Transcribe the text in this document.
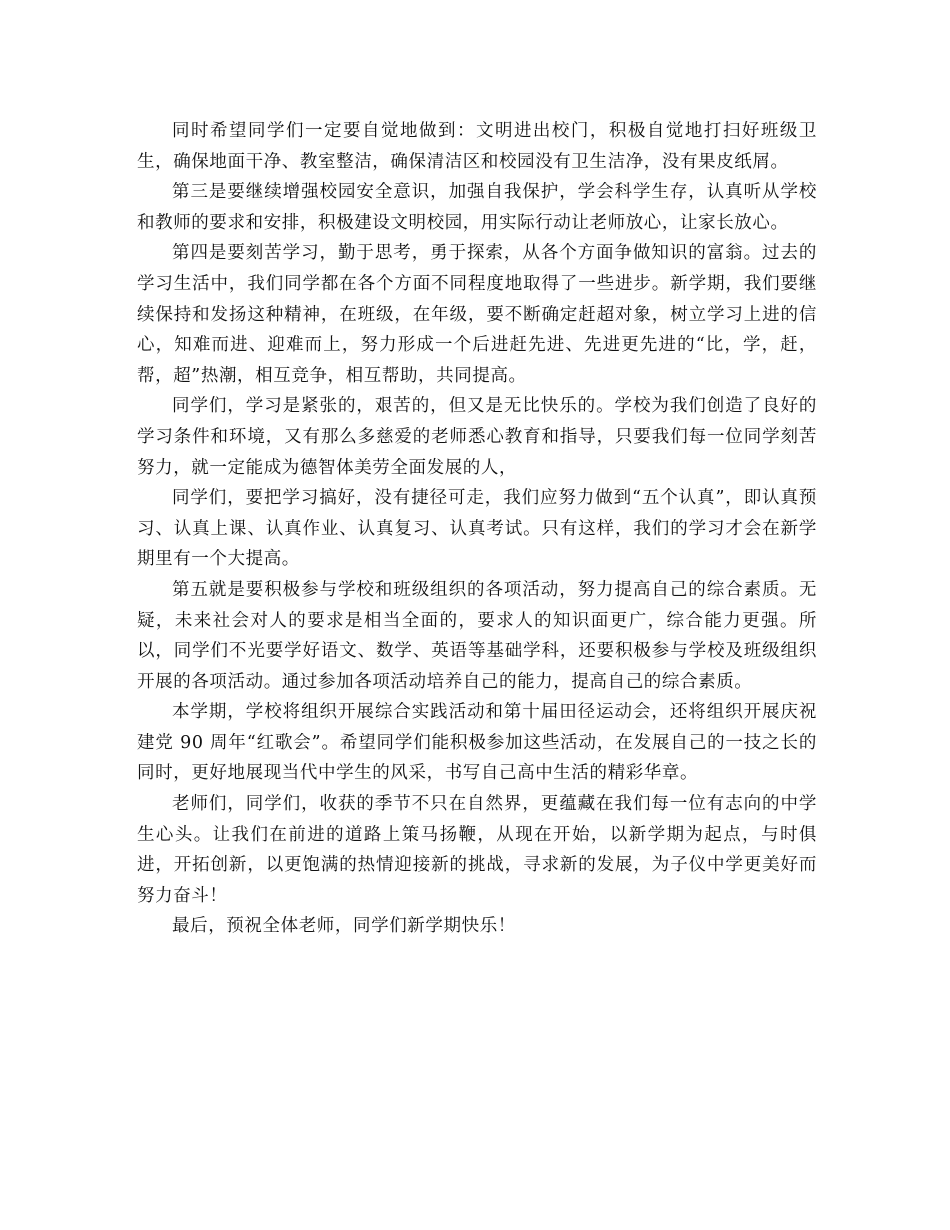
同时希望同学们一定要自觉地做到：文明进出校门，积极自觉地打扫好班级卫生，确保地面干净、教室整洁，确保清洁区和校园没有卫生洁净，没有果皮纸屑。

第三是要继续增强校园安全意识，加强自我保护，学会科学生存，认真听从学校和教师的要求和安排，积极建设文明校园，用实际行动让老师放心，让家长放心。

第四是要刻苦学习，勤于思考，勇于探索，从各个方面争做知识的富翁。过去的学习生活中，我们同学都在各个方面不同程度地取得了一些进步。新学期，我们要继续保持和发扬这种精神，在班级，在年级，要不断确定赶超对象，树立学习上进的信心，知难而进、迎难而上，努力形成一个后进赶先进、先进更先进的“比，学，赶，帮，超”热潮，相互竞争，相互帮助，共同提高。

同学们，学习是紧张的，艰苦的，但又是无比快乐的。学校为我们创造了良好的学习条件和环境，又有那么多慈爱的老师悉心教育和指导，只要我们每一位同学刻苦努力，就一定能成为德智体美劳全面发展的人，

同学们，要把学习搞好，没有捷径可走，我们应努力做到“五个认真”，即认真预习、认真上课、认真作业、认真复习、认真考试。只有这样，我们的学习才会在新学期里有一个大提高。

第五就是要积极参与学校和班级组织的各项活动，努力提高自己的综合素质。无疑，未来社会对人的要求是相当全面的，要求人的知识面更广，综合能力更强。所以，同学们不光要学好语文、数学、英语等基础学科，还要积极参与学校及班级组织开展的各项活动。通过参加各项活动培养自己的能力，提高自己的综合素质。

本学期，学校将组织开展综合实践活动和第十届田径运动会，还将组织开展庆祝建党 90 周年“红歌会”。希望同学们能积极参加这些活动，在发展自己的一技之长的同时，更好地展现当代中学生的风采，书写自己高中生活的精彩华章。

老师们，同学们，收获的季节不只在自然界，更蕴藏在我们每一位有志向的中学生心头。让我们在前进的道路上策马扬鞭，从现在开始，以新学期为起点，与时俱进，开拓创新，以更饱满的热情迎接新的挑战，寻求新的发展，为子仪中学更美好而努力奋斗！

最后，预祝全体老师，同学们新学期快乐！
